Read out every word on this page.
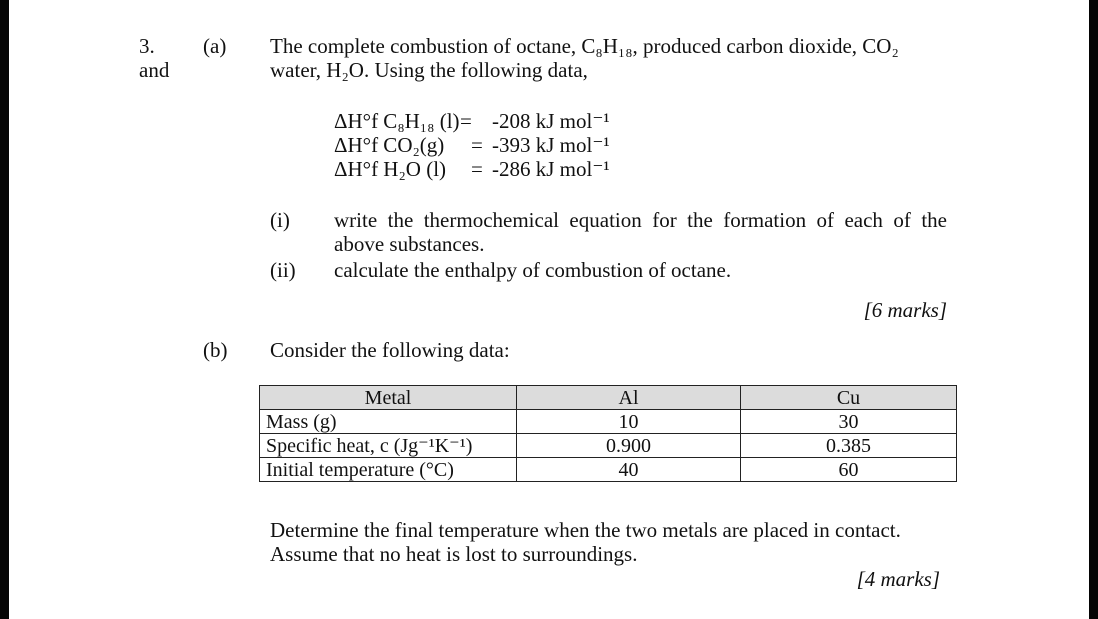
3.
and
(a) The complete combustion of octane, C₈H₁₈, produced carbon dioxide, CO₂
water, H₂O. Using the following data,
ΔH°f C₈H₁₈ (l) = -208 kJ mol⁻¹
ΔH°f CO₂(g) = -393 kJ mol⁻¹
ΔH°f H₂O (l) = -286 kJ mol⁻¹
(i) write the thermochemical equation for the formation of each of the
above substances.
(ii) calculate the enthalpy of combustion of octane.
[6 marks]
(b) Consider the following data:
Metal	Al	Cu
Mass (g)	10	30
Specific heat, c (Jg⁻¹K⁻¹)	0.900	0.385
Initial temperature (°C)	40	60
Determine the final temperature when the two metals are placed in contact.
Assume that no heat is lost to surroundings.
[4 marks]
